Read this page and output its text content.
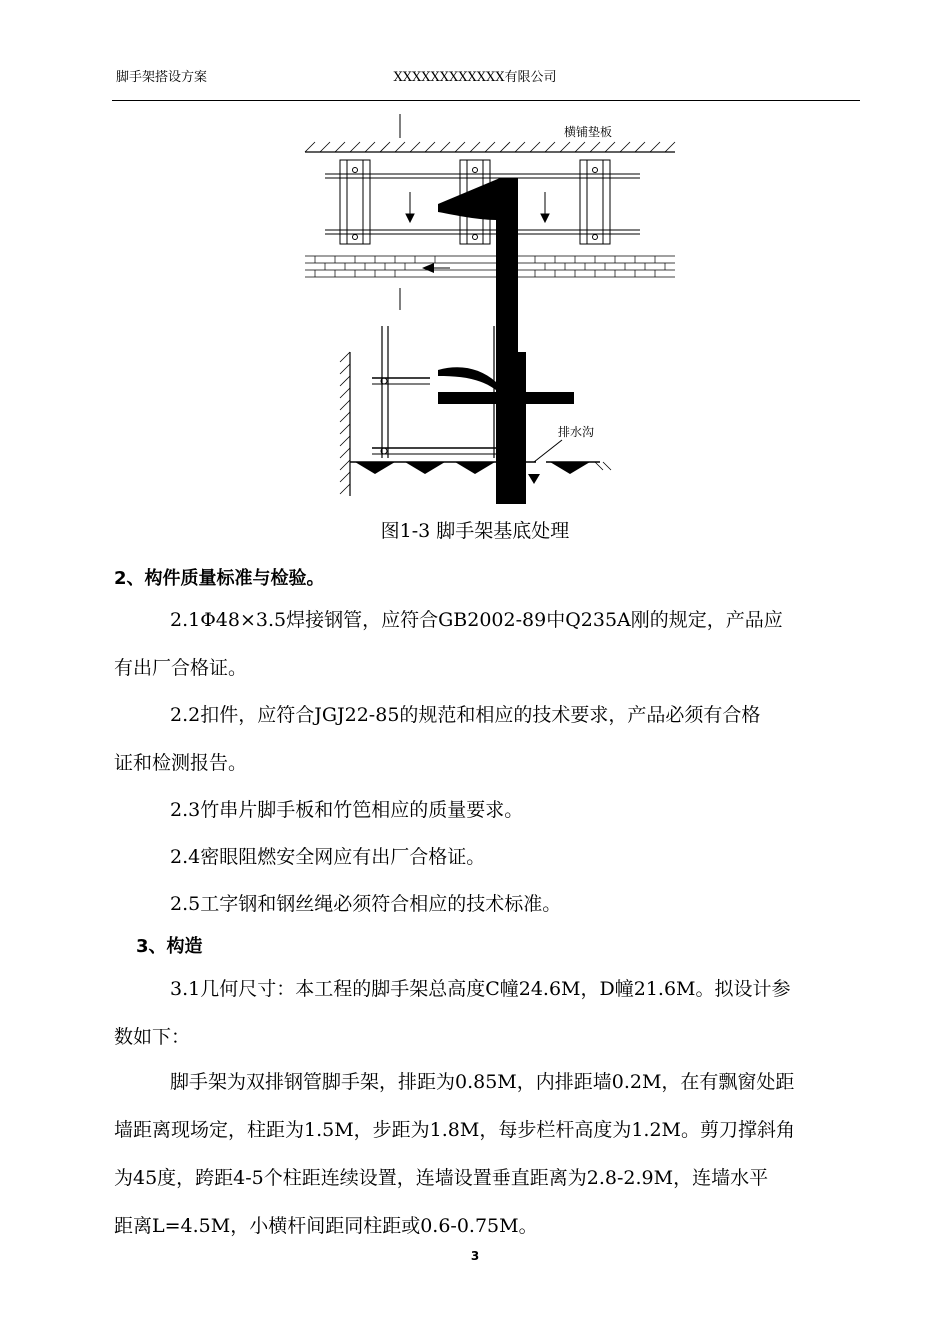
脚手架搭设方案	XXXXXXXXXXXX有限公司
横铺垫板
排水沟
图1-3 脚手架基底处理
2、构件质量标准与检验。
2.1Φ48×3.5焊接钢管，应符合GB2002-89中Q235A刚的规定，产品应
有出厂合格证。
2.2扣件，应符合JGJ22-85的规范和相应的技术要求，产品必须有合格
证和检测报告。
2.3竹串片脚手板和竹笆相应的质量要求。
2.4密眼阻燃安全网应有出厂合格证。
2.5工字钢和钢丝绳必须符合相应的技术标准。
3、构造
3.1几何尺寸：本工程的脚手架总高度C幢24.6M，D幢21.6M。拟设计参
数如下：
脚手架为双排钢管脚手架，排距为0.85M，内排距墙0.2M，在有飘窗处距
墙距离现场定，柱距为1.5M，步距为1.8M，每步栏杆高度为1.2M。剪刀撑斜角
为45度，跨距4-5个柱距连续设置，连墙设置垂直距离为2.8-2.9M，连墙水平
距离L=4.5M，小横杆间距同柱距或0.6-0.75M。
3
